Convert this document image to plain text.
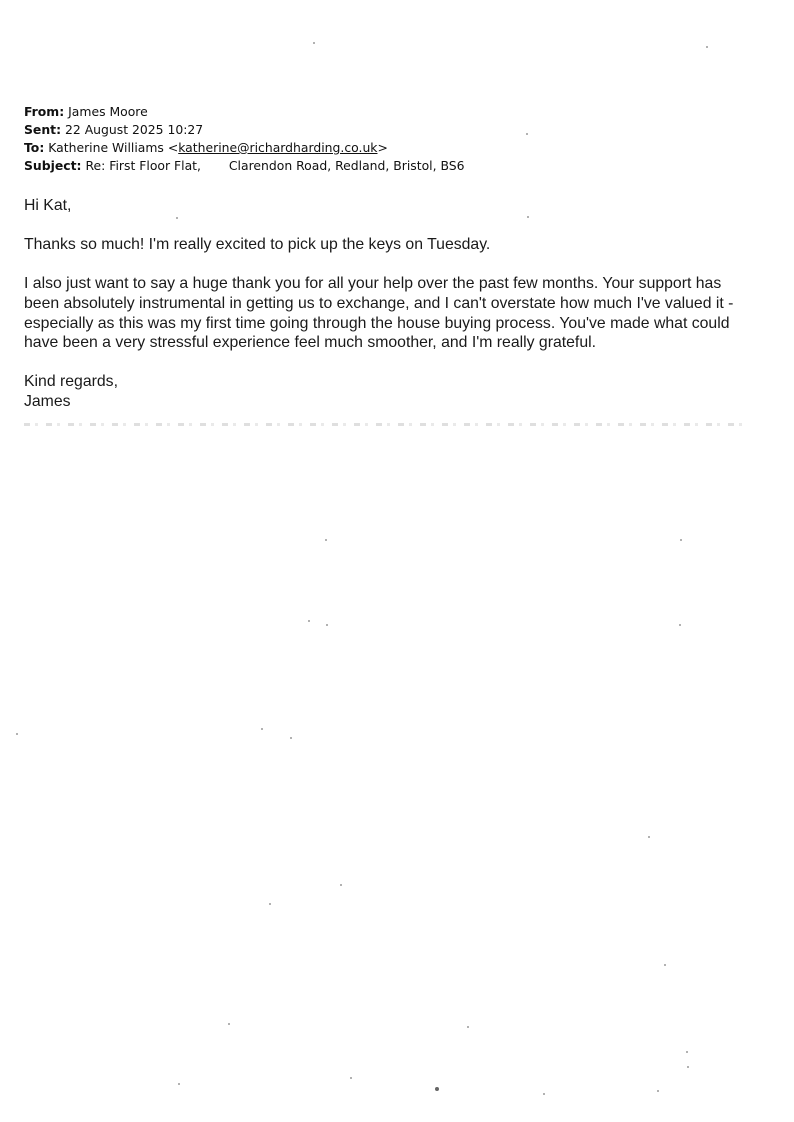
From: James Moore
Sent: 22 August 2025 10:27
To: Katherine Williams <katherine@richardharding.co.uk>
Subject: Re: First Floor Flat, Clarendon Road, Redland, Bristol, BS6

Hi Kat,

Thanks so much! I'm really excited to pick up the keys on Tuesday.

I also just want to say a huge thank you for all your help over the past few months. Your support has been absolutely instrumental in getting us to exchange, and I can't overstate how much I've valued it - especially as this was my first time going through the house buying process. You've made what could have been a very stressful experience feel much smoother, and I'm really grateful.

Kind regards,

James
